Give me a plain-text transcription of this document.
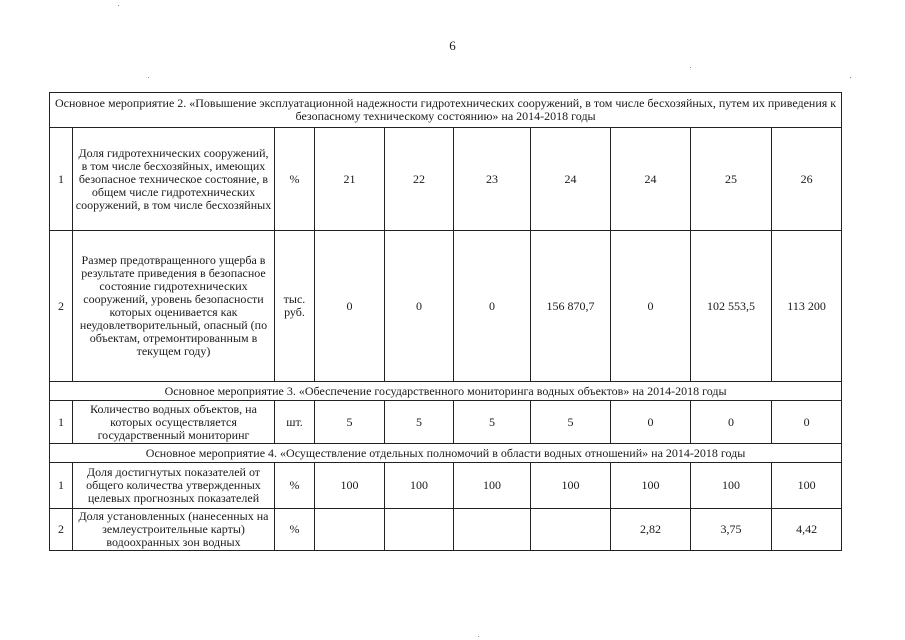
6
Основное мероприятие 2. «Повышение эксплуатационной надежности гидротехнических сооружений, в том числе бесхозяйных, путем их приведения к безопасному техническому состоянию» на 2014-2018 годы									
1	Доля гидротехнических сооружений, в том числе бесхозяйных, имеющих безопасное техническое состояние, в общем числе гидротехнических сооружений, в том числе бесхозяйных	%	21	22	23	24	24	25	26
2	Размер предотвращенного ущерба в результате приведения в безопасное состояние гидротехнических сооружений, уровень безопасности которых оценивается как неудовлетворительный, опасный (по объектам, отремонтированным в текущем году)	тыс. руб.	0	0	0	156 870,7	0	102 553,5	113 200
Основное мероприятие 3. «Обеспечение государственного мониторинга водных объектов» на 2014-2018 годы									
1	Количество водных объектов, на которых осуществляется государственный мониторинг	шт.	5	5	5	5	0	0	0
Основное мероприятие 4. «Осуществление отдельных полномочий в области водных отношений» на 2014-2018 годы									
1	Доля достигнутых показателей от общего количества утвержденных целевых прогнозных показателей	%	100	100	100	100	100	100	100
2	Доля установленных (нанесенных на землеустроительные карты) водоохранных зон водных	%					2,82	3,75	4,42
